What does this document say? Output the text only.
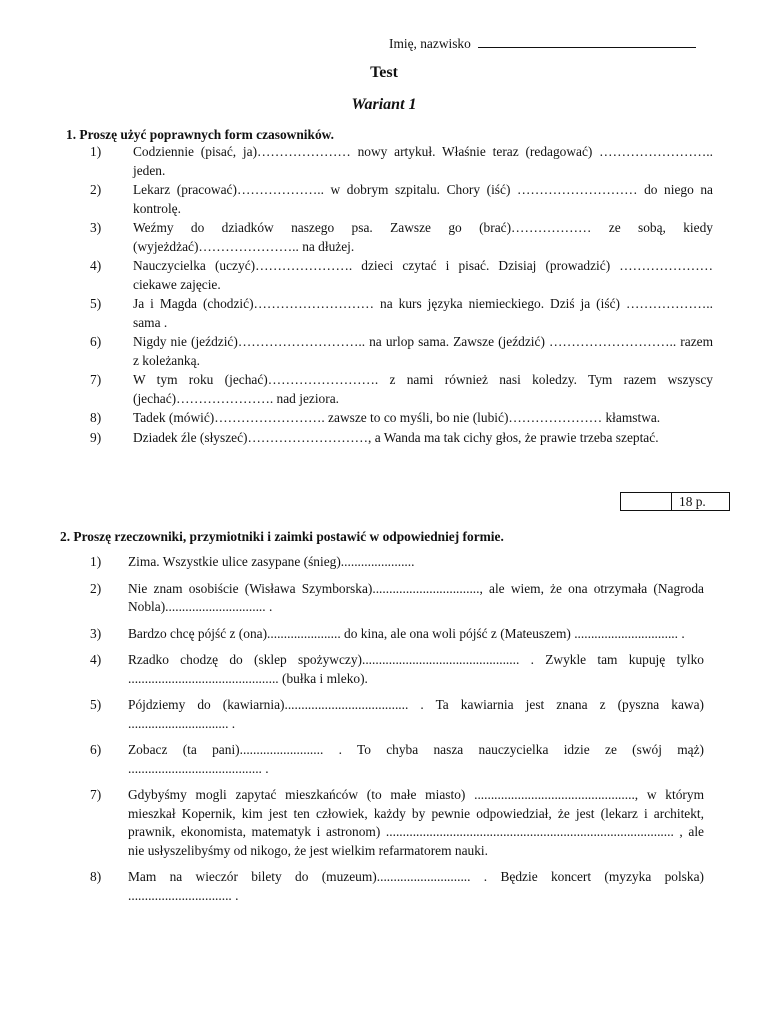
Imię, nazwisko
Test
Wariant 1
1. Proszę użyć poprawnych form czasowników.
1)	Codziennie (pisać, ja)………………… nowy artykuł. Właśnie teraz (redagować) …………………….. jeden.
2)	Lekarz (pracować)……………….. w dobrym szpitalu. Chory (iść) ……………………… do niego na kontrolę.
3)	Weźmy do dziadków naszego psa. Zawsze go (brać)……………… ze sobą, kiedy (wyjeżdżać)………………….. na dłużej.
4)	Nauczycielka (uczyć)…………………. dzieci czytać i pisać. Dzisiaj (prowadzić) ………………… ciekawe zajęcie.
5)	Ja i Magda (chodzić)……………………… na kurs języka niemieckiego. Dziś ja (iść) ……………….. sama .
6)	Nigdy nie (jeździć)……………………….. na urlop sama. Zawsze (jeździć) ……………………….. razem z koleżanką.
7)	W tym roku (jechać)……………………. z nami również nasi koledzy. Tym razem wszyscy (jechać)…………………. nad jeziora.
8)	Tadek (mówić)……………………. zawsze to co myśli, bo nie (lubić)………………… kłamstwa.
9)	Dziadek źle (słyszeć)………………………, a Wanda ma tak cichy głos, że prawie trzeba szeptać.
18 p.
2. Proszę rzeczowniki, przymiotniki i zaimki postawić w odpowiedniej formie.
1)	Zima. Wszystkie ulice zasypane (śnieg)......................
2)	Nie znam osobiście (Wisława Szymborska)................................, ale wiem, że ona otrzymała (Nagroda Nobla).............................. .
3)	Bardzo chcę pójść z (ona)...................... do kina, ale ona woli pójść z (Mateuszem) ............................... .
4)	Rzadko chodzę do (sklep spożywczy)............................................... . Zwykle tam kupuję tylko ............................................. (bułka i mleko).
5)	Pójdziemy do (kawiarnia)..................................... . Ta kawiarnia jest znana z (pyszna kawa) .............................. .
6)	Zobacz (ta pani)......................... . To chyba nasza nauczycielka idzie ze (swój mąż) ........................................ .
7)	Gdybyśmy mogli zapytać mieszkańców (to małe miasto) ................................................, w którym mieszkał Kopernik, kim jest ten człowiek, każdy by pewnie odpowiedział, że jest (lekarz i architekt, prawnik, ekonomista, matematyk i astronom) ...................................................................................... , ale nie usłyszelibyśmy od nikogo, że jest wielkim refarmatorem nauki.
8)	Mam na wieczór bilety do (muzeum)............................ . Będzie koncert (myzyka polska) ............................... .
